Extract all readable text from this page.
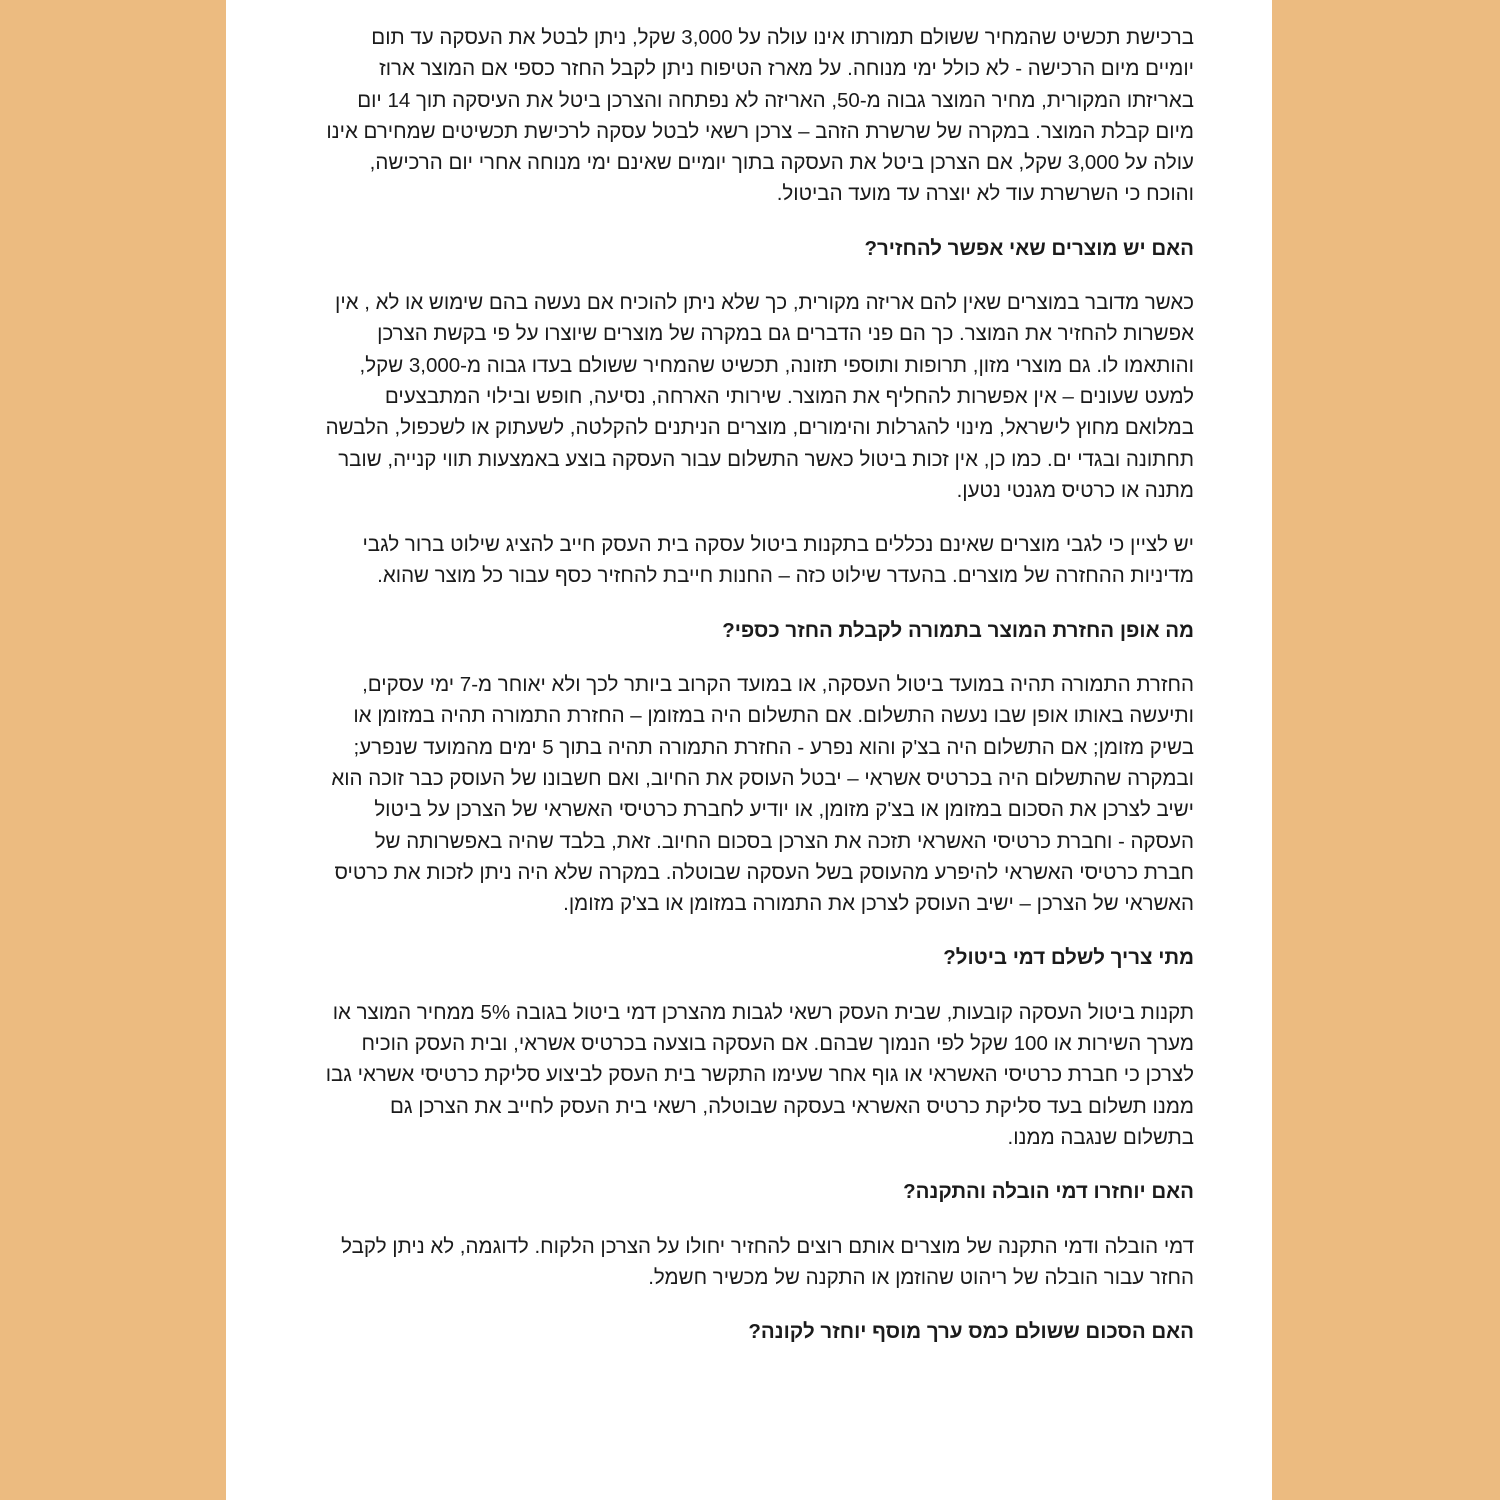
ברכישת תכשיט שהמחיר ששולם תמורתו אינו עולה על 3,000 שקל, ניתן לבטל את העסקה עד תום יומיים מיום הרכישה - לא כולל ימי מנוחה. על מארז הטיפוח ניתן לקבל החזר כספי אם המוצר ארוז באריזתו המקורית, מחיר המוצר גבוה מ-50, האריזה לא נפתחה והצרכן ביטל את העיסקה תוך 14 יום מיום קבלת המוצר. במקרה של שרשרת הזהב – צרכן רשאי לבטל עסקה לרכישת תכשיטים שמחירם אינו עולה על 3,000 שקל, אם הצרכן ביטל את העסקה בתוך יומיים שאינם ימי מנוחה אחרי יום הרכישה, והוכח כי השרשרת עוד לא יוצרה עד מועד הביטול.

האם יש מוצרים שאי אפשר להחזיר?

כאשר מדובר במוצרים שאין להם אריזה מקורית, כך שלא ניתן להוכיח אם נעשה בהם שימוש או לא , אין אפשרות להחזיר את המוצר. כך הם פני הדברים גם במקרה של מוצרים שיוצרו על פי בקשת הצרכן והותאמו לו. גם מוצרי מזון, תרופות ותוספי תזונה, תכשיט שהמחיר ששולם בעדו גבוה מ-3,000 שקל, למעט שעונים – אין אפשרות להחליף את המוצר. שירותי הארחה, נסיעה, חופש ובילוי המתבצעים במלואם מחוץ לישראל, מינוי להגרלות והימורים, מוצרים הניתנים להקלטה, לשעתוק או לשכפול, הלבשה תחתונה ובגדי ים. כמו כן, אין זכות ביטול כאשר התשלום עבור העסקה בוצע באמצעות תווי קנייה, שובר מתנה או כרטיס מגנטי נטען.

יש לציין כי לגבי מוצרים שאינם נכללים בתקנות ביטול עסקה בית העסק חייב להציג שילוט ברור לגבי מדיניות ההחזרה של מוצרים. בהעדר שילוט כזה – החנות חייבת להחזיר כסף עבור כל מוצר שהוא.

מה אופן החזרת המוצר בתמורה לקבלת החזר כספי?

החזרת התמורה תהיה במועד ביטול העסקה, או במועד הקרוב ביותר לכך ולא יאוחר מ-7 ימי עסקים, ותיעשה באותו אופן שבו נעשה התשלום. אם התשלום היה במזומן – החזרת התמורה תהיה במזומן או בשיק מזומן; אם התשלום היה בצ'ק והוא נפרע - החזרת התמורה תהיה בתוך 5 ימים מהמועד שנפרע; ובמקרה שהתשלום היה בכרטיס אשראי – יבטל העוסק את החיוב, ואם חשבונו של העוסק כבר זוכה הוא ישיב לצרכן את הסכום במזומן או בצ'ק מזומן, או יודיע לחברת כרטיסי האשראי של הצרכן על ביטול העסקה - וחברת כרטיסי האשראי תזכה את הצרכן בסכום החיוב. זאת, בלבד שהיה באפשרותה של חברת כרטיסי האשראי להיפרע מהעוסק בשל העסקה שבוטלה. במקרה שלא היה ניתן לזכות את כרטיס האשראי של הצרכן – ישיב העוסק לצרכן את התמורה במזומן או בצ'ק מזומן.

מתי צריך לשלם דמי ביטול?

תקנות ביטול העסקה קובעות, שבית העסק רשאי לגבות מהצרכן דמי ביטול בגובה 5% ממחיר המוצר או מערך השירות או 100 שקל לפי הנמוך שבהם. אם העסקה בוצעה בכרטיס אשראי, ובית העסק הוכיח לצרכן כי חברת כרטיסי האשראי או גוף אחר שעימו התקשר בית העסק לביצוע סליקת כרטיסי אשראי גבו ממנו תשלום בעד סליקת כרטיס האשראי בעסקה שבוטלה, רשאי בית העסק לחייב את הצרכן גם בתשלום שנגבה ממנו.

האם יוחזרו דמי הובלה והתקנה?

דמי הובלה ודמי התקנה של מוצרים אותם רוצים להחזיר יחולו על הצרכן הלקוח. לדוגמה, לא ניתן לקבל החזר עבור הובלה של ריהוט שהוזמן או התקנה של מכשיר חשמל.

האם הסכום ששולם כמס ערך מוסף יוחזר לקונה?
